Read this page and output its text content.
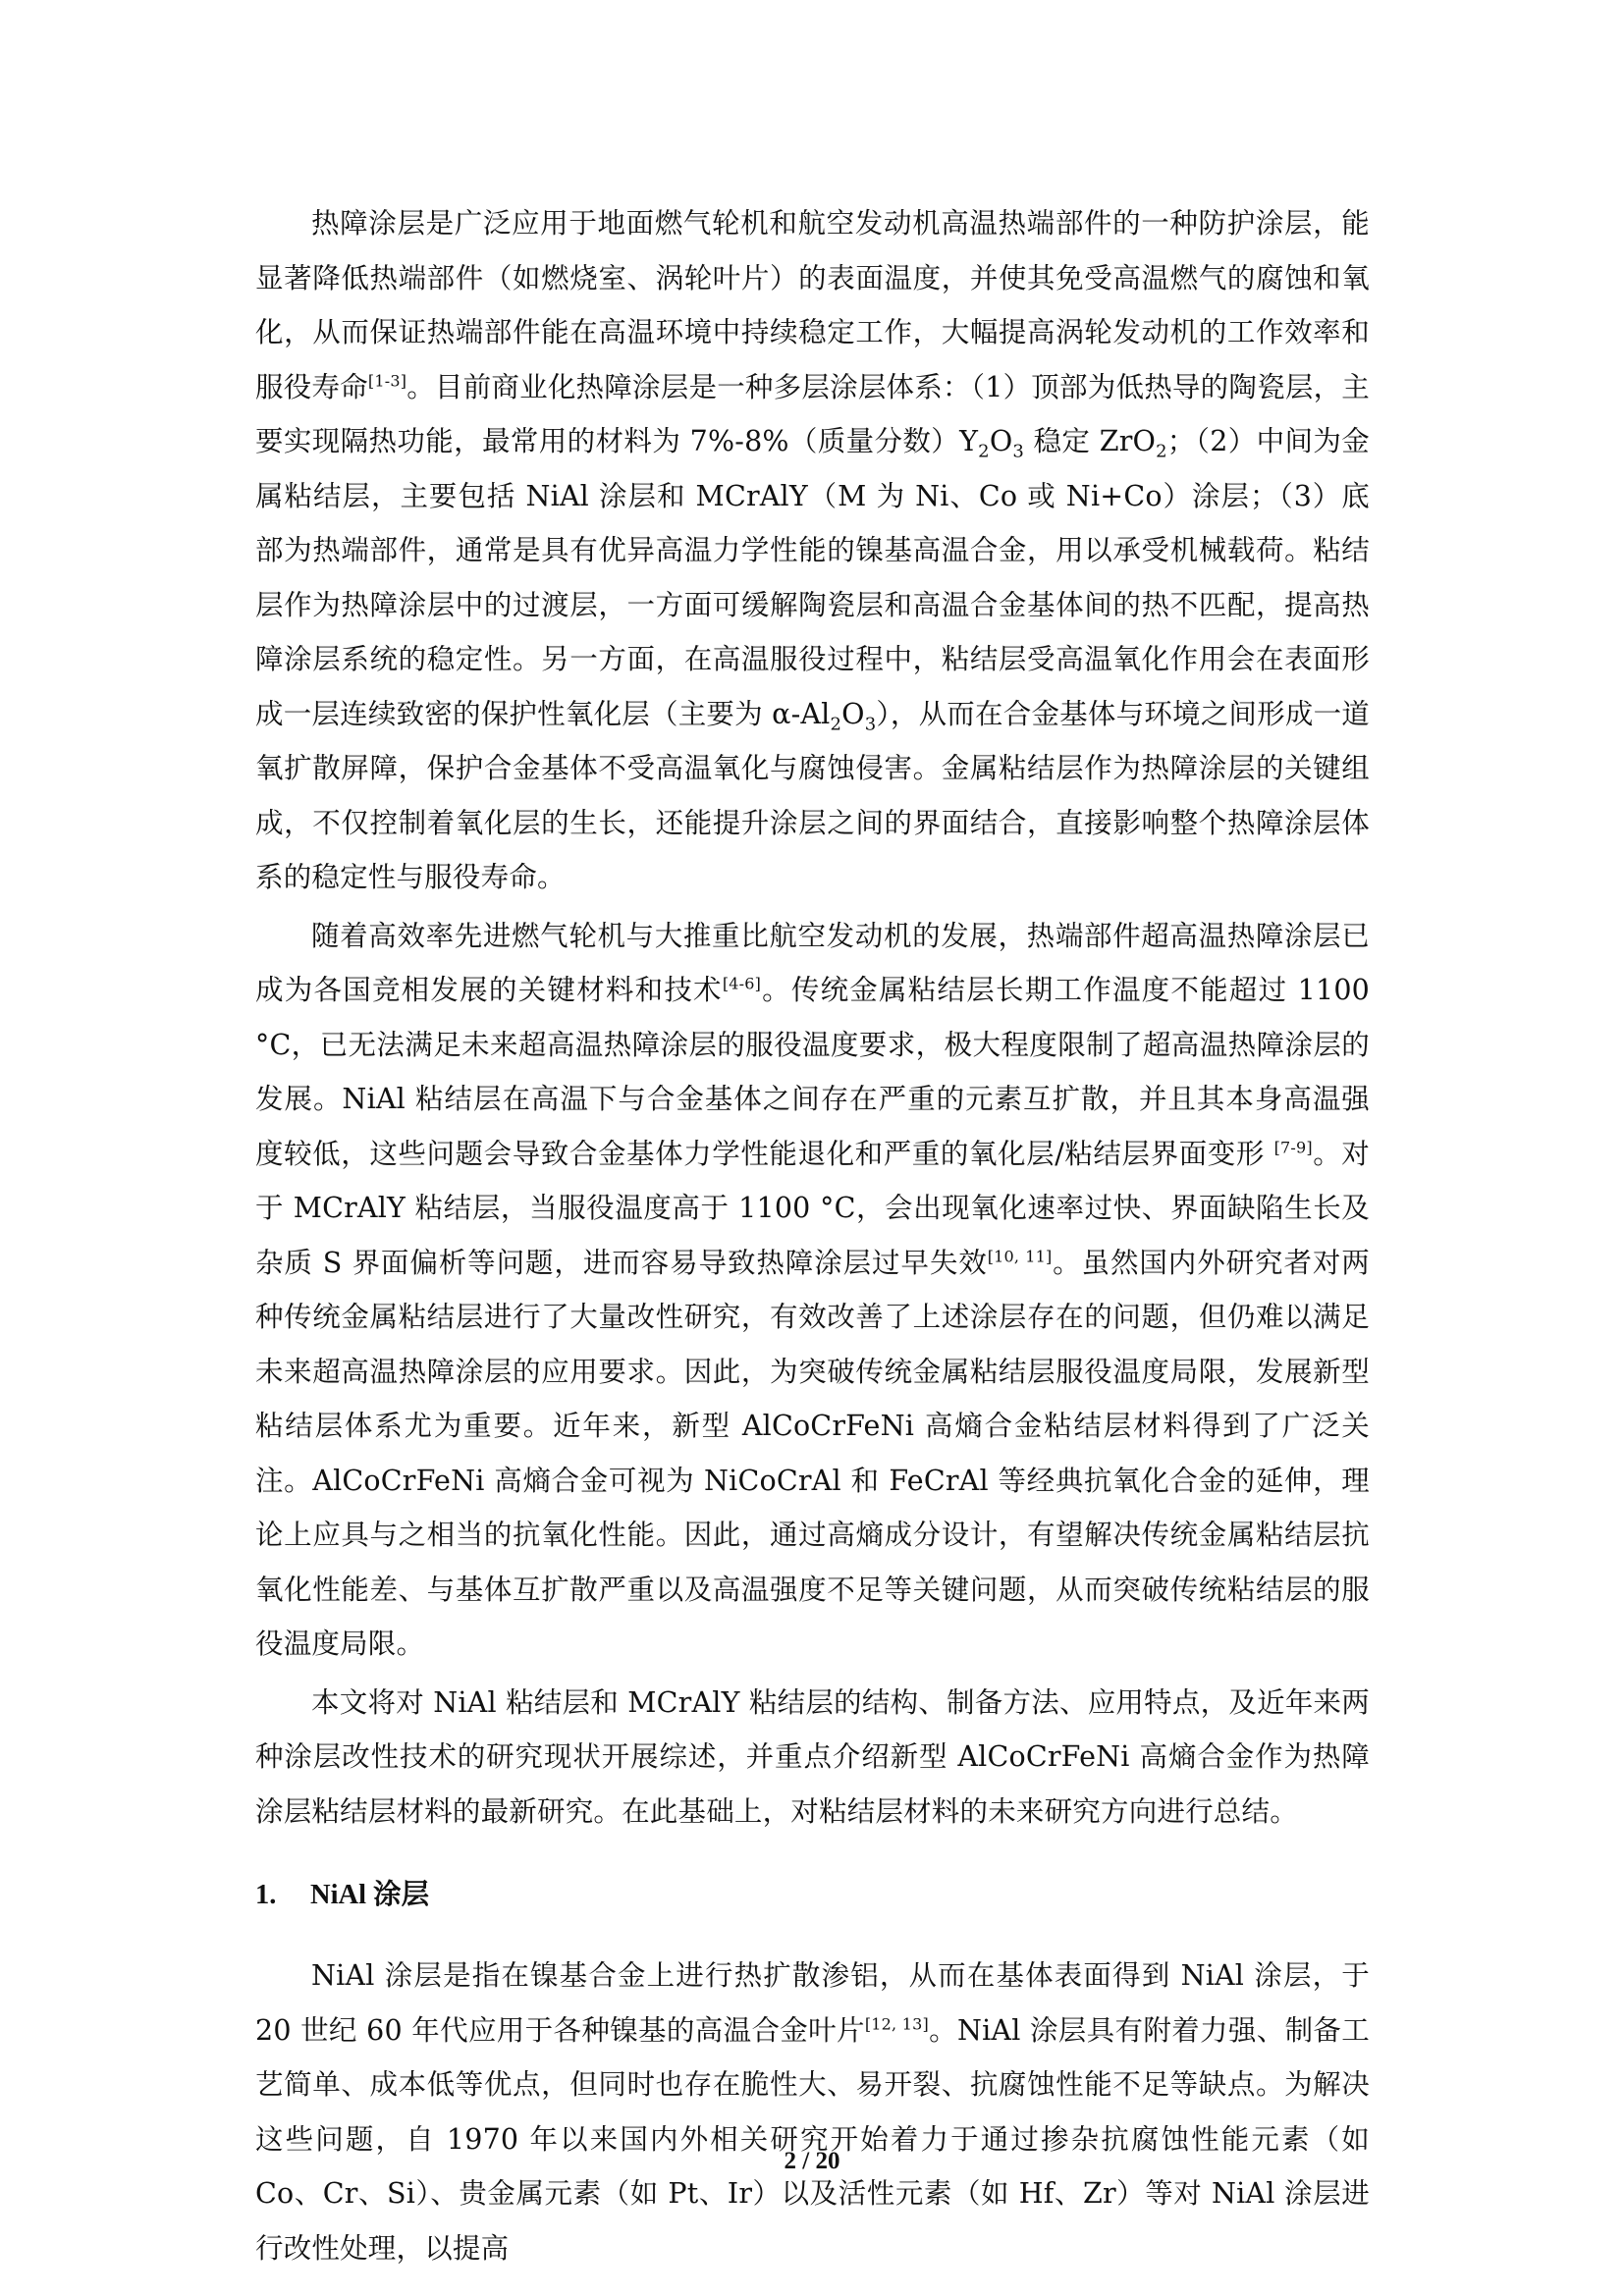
热障涂层是广泛应用于地面燃气轮机和航空发动机高温热端部件的一种防护涂层，能显著降低热端部件（如燃烧室、涡轮叶片）的表面温度，并使其免受高温燃气的腐蚀和氧化，从而保证热端部件能在高温环境中持续稳定工作，大幅提高涡轮发动机的工作效率和服役寿命[1-3]。目前商业化热障涂层是一种多层涂层体系：（1）顶部为低热导的陶瓷层，主要实现隔热功能，最常用的材料为 7%-8%（质量分数）$Y_2O_3$ 稳定 ZrO$_2$；（2）中间为金属粘结层，主要包括 NiAl 涂层和 MCrAlY（M 为 Ni、Co 或 Ni+Co）涂层；（3）底部为热端部件，通常是具有优异高温力学性能的镍基高温合金，用以承受机械载荷。粘结层作为热障涂层中的过渡层，一方面可缓解陶瓷层和高温合金基体间的热不匹配，提高热障涂层系统的稳定性。另一方面，在高温服役过程中，粘结层受高温氧化作用会在表面形成一层连续致密的保护性氧化层（主要为 $\alpha-Al_2O_3$），从而在合金基体与环境之间形成一道氧扩散屏障，保护合金基体不受高温氧化与腐蚀侵害。金属粘结层作为热障涂层的关键组成，不仅控制着氧化层的生长，还能提升涂层之间的界面结合，直接影响整个热障涂层体系的稳定性与服役寿命。

随着高效率先进燃气轮机与大推重比航空发动机的发展，热端部件超高温热障涂层已成为各国竞相发展的关键材料和技术[4-6]。传统金属粘结层长期工作温度不能超过 1100 °C，已无法满足未来超高温热障涂层的服役温度要求，极大程度限制了超高温热障涂层的发展。NiAl 粘结层在高温下与合金基体之间存在严重的元素互扩散，并且其本身高温强度较低，这些问题会导致合金基体力学性能退化和严重的氧化层/粘结层界面变形 [7-9]。对于 MCrAlY 粘结层，当服役温度高于 1100 °C，会出现氧化速率过快、界面缺陷生长及杂质 S 界面偏析等问题，进而容易导致热障涂层过早失效[10, 11]。虽然国内外研究者对两种传统金属粘结层进行了大量改性研究，有效改善了上述涂层存在的问题，但仍难以满足未来超高温热障涂层的应用要求。因此，为突破传统金属粘结层服役温度局限，发展新型粘结层体系尤为重要。近年来，新型 AlCoCrFeNi 高熵合金粘结层材料得到了广泛关注。AlCoCrFeNi 高熵合金可视为 NiCoCrAl 和 FeCrAl 等经典抗氧化合金的延伸，理论上应具与之相当的抗氧化性能。因此，通过高熵成分设计，有望解决传统金属粘结层抗氧化性能差、与基体互扩散严重以及高温强度不足等关键问题，从而突破传统粘结层的服役温度局限。

本文将对 NiAl 粘结层和 MCrAlY 粘结层的结构、制备方法、应用特点，及近年来两种涂层改性技术的研究现状开展综述，并重点介绍新型 AlCoCrFeNi 高熵合金作为热障涂层粘结层材料的最新研究。在此基础上，对粘结层材料的未来研究方向进行总结。

1. NiAl 涂层

NiAl 涂层是指在镍基合金上进行热扩散渗铝，从而在基体表面得到 NiAl 涂层，于 20 世纪 60 年代应用于各种镍基的高温合金叶片[12, 13]。NiAl 涂层具有附着力强、制备工艺简单、成本低等优点，但同时也存在脆性大、易开裂、抗腐蚀性能不足等缺点。为解决这些问题，自 1970 年以来国内外相关研究开始着力于通过掺杂抗腐蚀性能元素（如 Co、Cr、Si）、贵金属元素（如 Pt、Ir）以及活性元素（如 Hf、Zr）等对 NiAl 涂层进行改性处理，以提高

2 / 20
